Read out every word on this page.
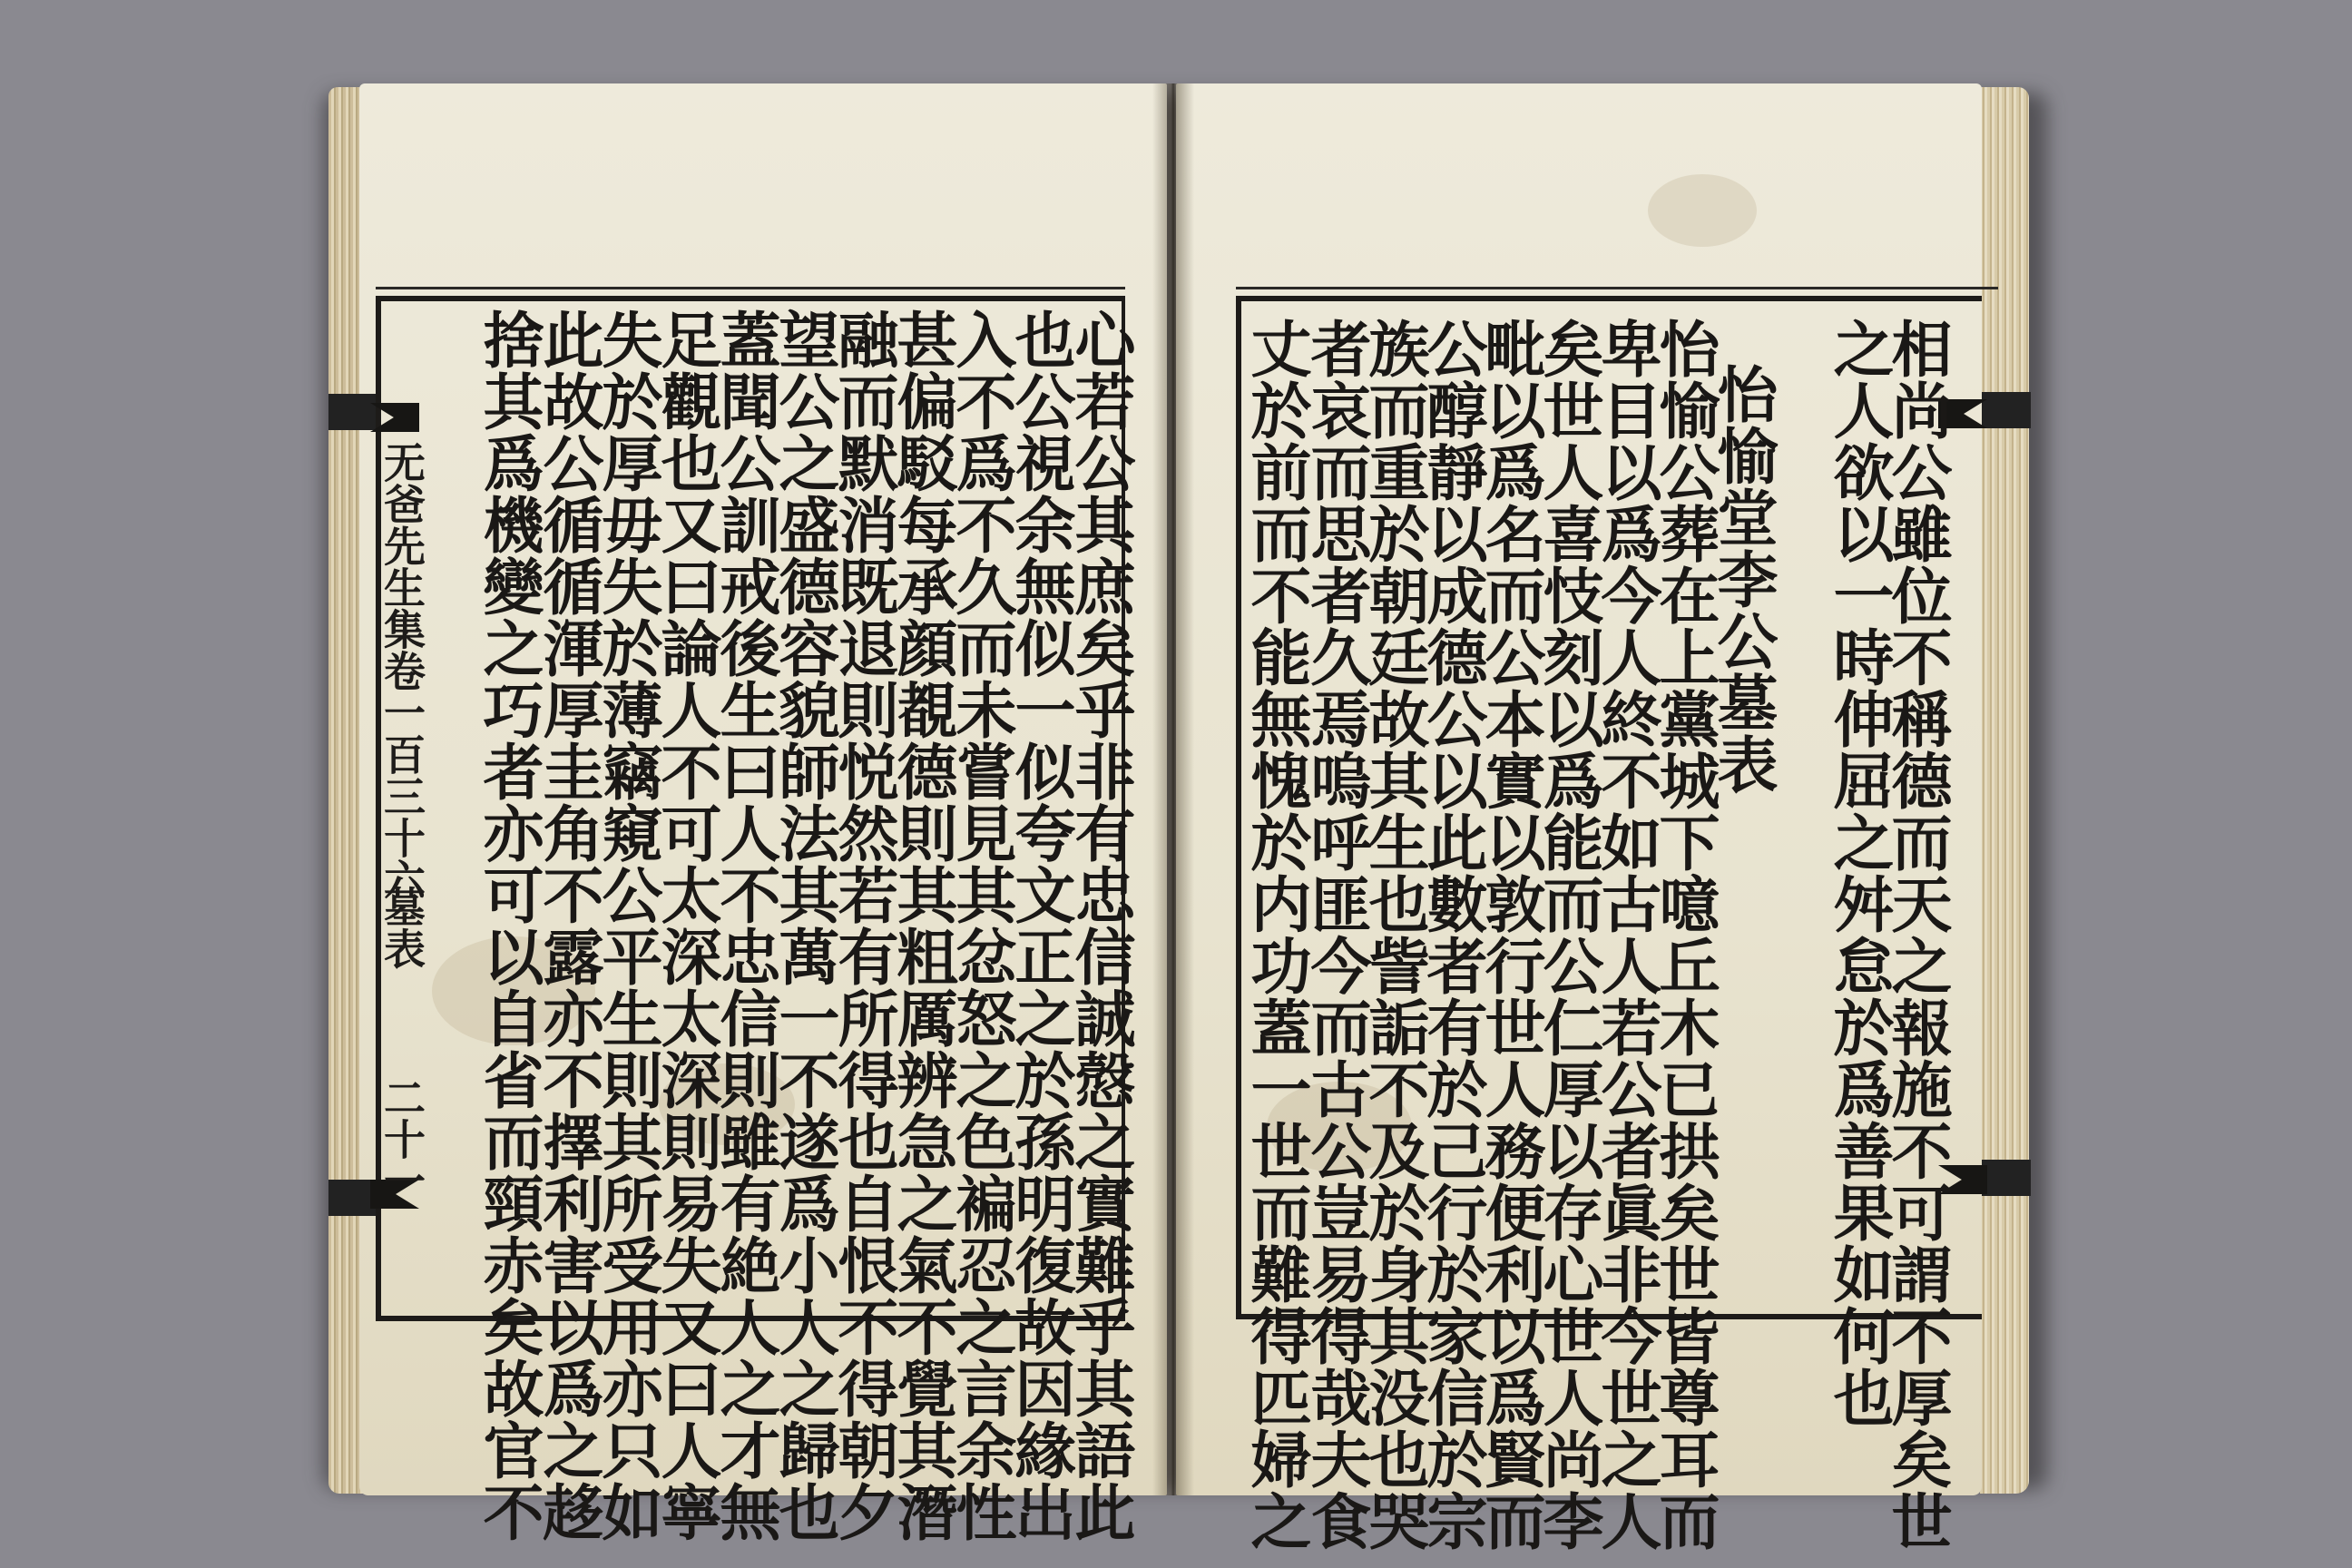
无爸先生集卷一百三十六
墓表
二十一	心若公其庶矣乎非有忠信誠慤之實難乎其語此
也公視余無似一似夸文正之於孫明復故因緣出
入不爲不久而未嘗見其忿怒之色褊忍之言余性
甚偏駁每承顔覩德則其粗厲辨急之氣不覺其潛
融而默消既退則悦然若有所得也自恨不得朝夕
望公之盛德容貌師法其萬一不遂爲小人之歸也
蓋聞公訓戒後生曰人不忠信則雖有絶人之才無
足觀也又曰論人不可太深太深則易失又曰人寧
失於厚毋失於薄竊窺公平生則其所受用亦只如
此故公循循渾厚圭角不露亦不擇利害以爲之趍
捨其爲機變之巧者亦可以自省而頸赤矣故官不	相尚公雖位不稱德而天之報施不可謂不厚矣世
之人欲以一時伸屈之舛怠於爲善果如何也
怡愉堂李公墓表
怡愉公葬在上黨城下噫丘木已拱矣世皆尊耳而
卑目以爲今人終不如古人若公者眞非今世之人
矣世人喜忮刻以爲能而公仁厚以存心世人尚李
毗以爲名而公本實以敦行世人務便利以爲賢而
公醇靜以成德公以此數者有於己行於家信於宗
族而重於朝廷故其生也訾詬不及於身其没也哭
者哀而思者久焉嗚呼匪今而古公豈易得哉夫食
丈於前而不能無愧於内功蓋一世而難得匹婦之
